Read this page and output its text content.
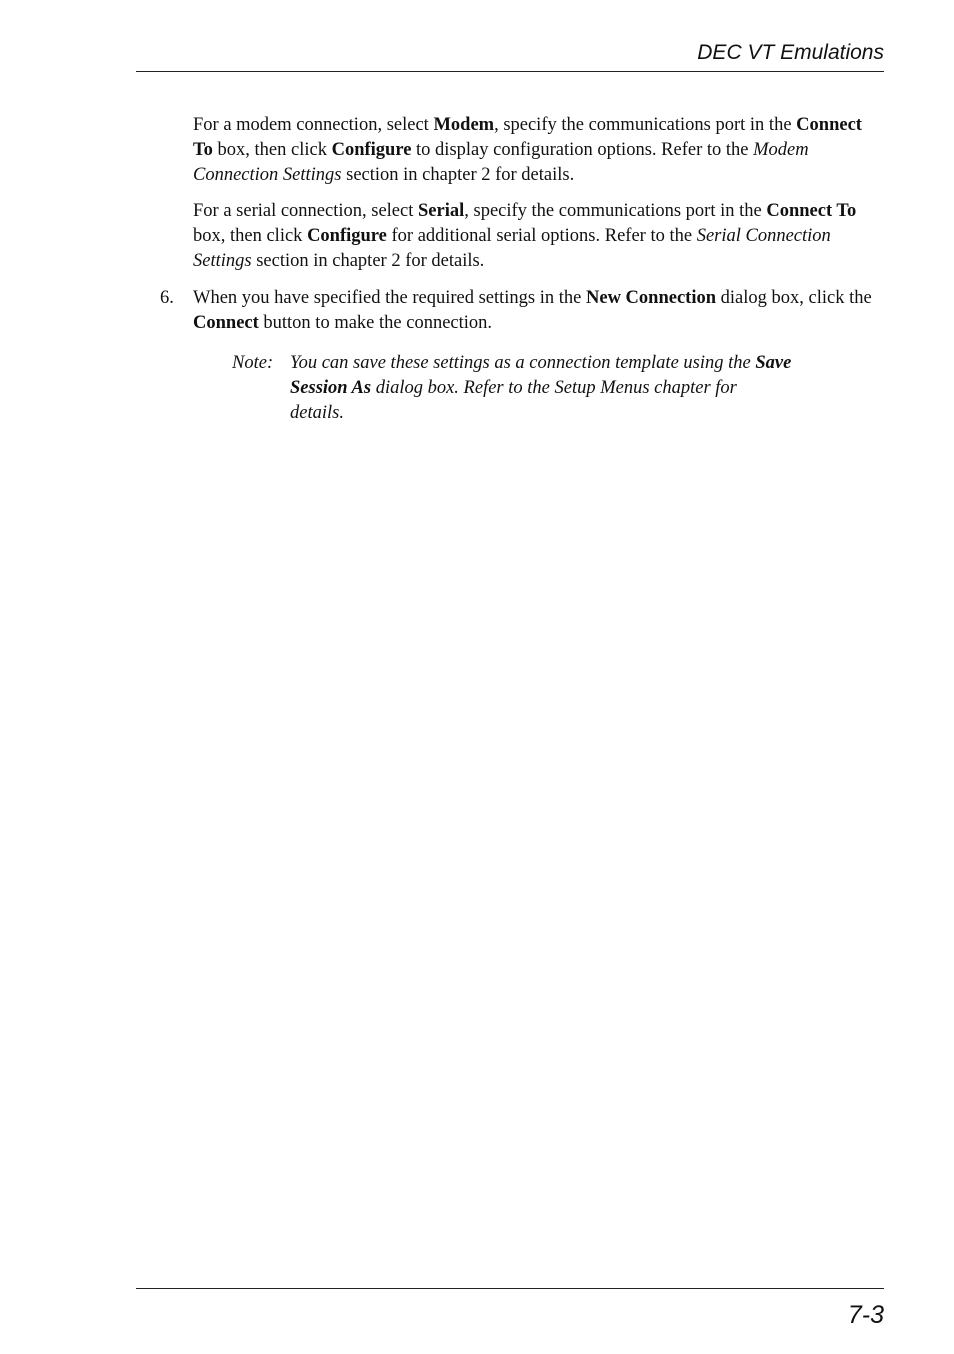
DEC VT Emulations

For a modem connection, select Modem, specify the communications port in the Connect To box, then click Configure to display configuration options. Refer to the Modem Connection Settings section in chapter 2 for details.

For a serial connection, select Serial, specify the communications port in the Connect To box, then click Configure for additional serial options. Refer to the Serial Connection Settings section in chapter 2 for details.

6.	When you have specified the required settings in the New Connection dialog box, click the Connect button to make the connection.
Note: You can save these settings as a connection template using the Save Session As dialog box. Refer to the Setup Menus chapter for details.

7-3
